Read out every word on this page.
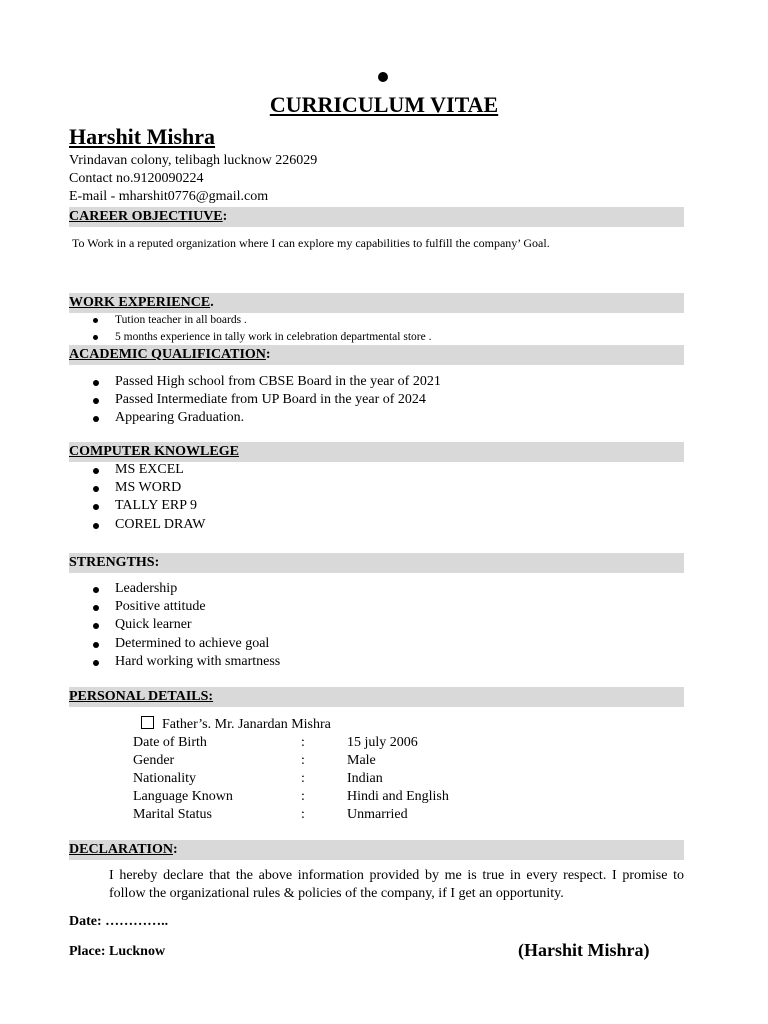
CURRICULUM VITAE
Harshit Mishra
Vrindavan colony, telibagh lucknow 226029
Contact no.9120090224
E-mail - mharshit0776@gmail.com
CAREER OBJECTIUVE:
To Work in a reputed organization where I can explore my capabilities to fulfill the company’ Goal.
WORK EXPERIENCE.
Tution teacher in all boards .
5 months experience in tally work in celebration departmental store .
ACADEMIC QUALIFICATION:
Passed High school from CBSE Board in the year of 2021
Passed Intermediate from UP Board in the year of 2024
Appearing Graduation.
COMPUTER KNOWLEGE
MS EXCEL
MS WORD
TALLY ERP 9
COREL DRAW
STRENGTHS:
Leadership
Positive attitude
Quick learner
Determined to achieve goal
Hard working with smartness
PERSONAL DETAILS:
Father’s. Mr. Janardan Mishra
Date of Birth	:	15 july 2006
Gender	:	Male
Nationality	:	Indian
Language Known	:	Hindi and English
Marital Status	:	Unmarried
DECLARATION:
I hereby declare that the above information provided by me is true in every respect. I promise to follow the organizational rules & policies of the company, if I get an opportunity.
Date: …………..
Place: Lucknow	(Harshit Mishra)
